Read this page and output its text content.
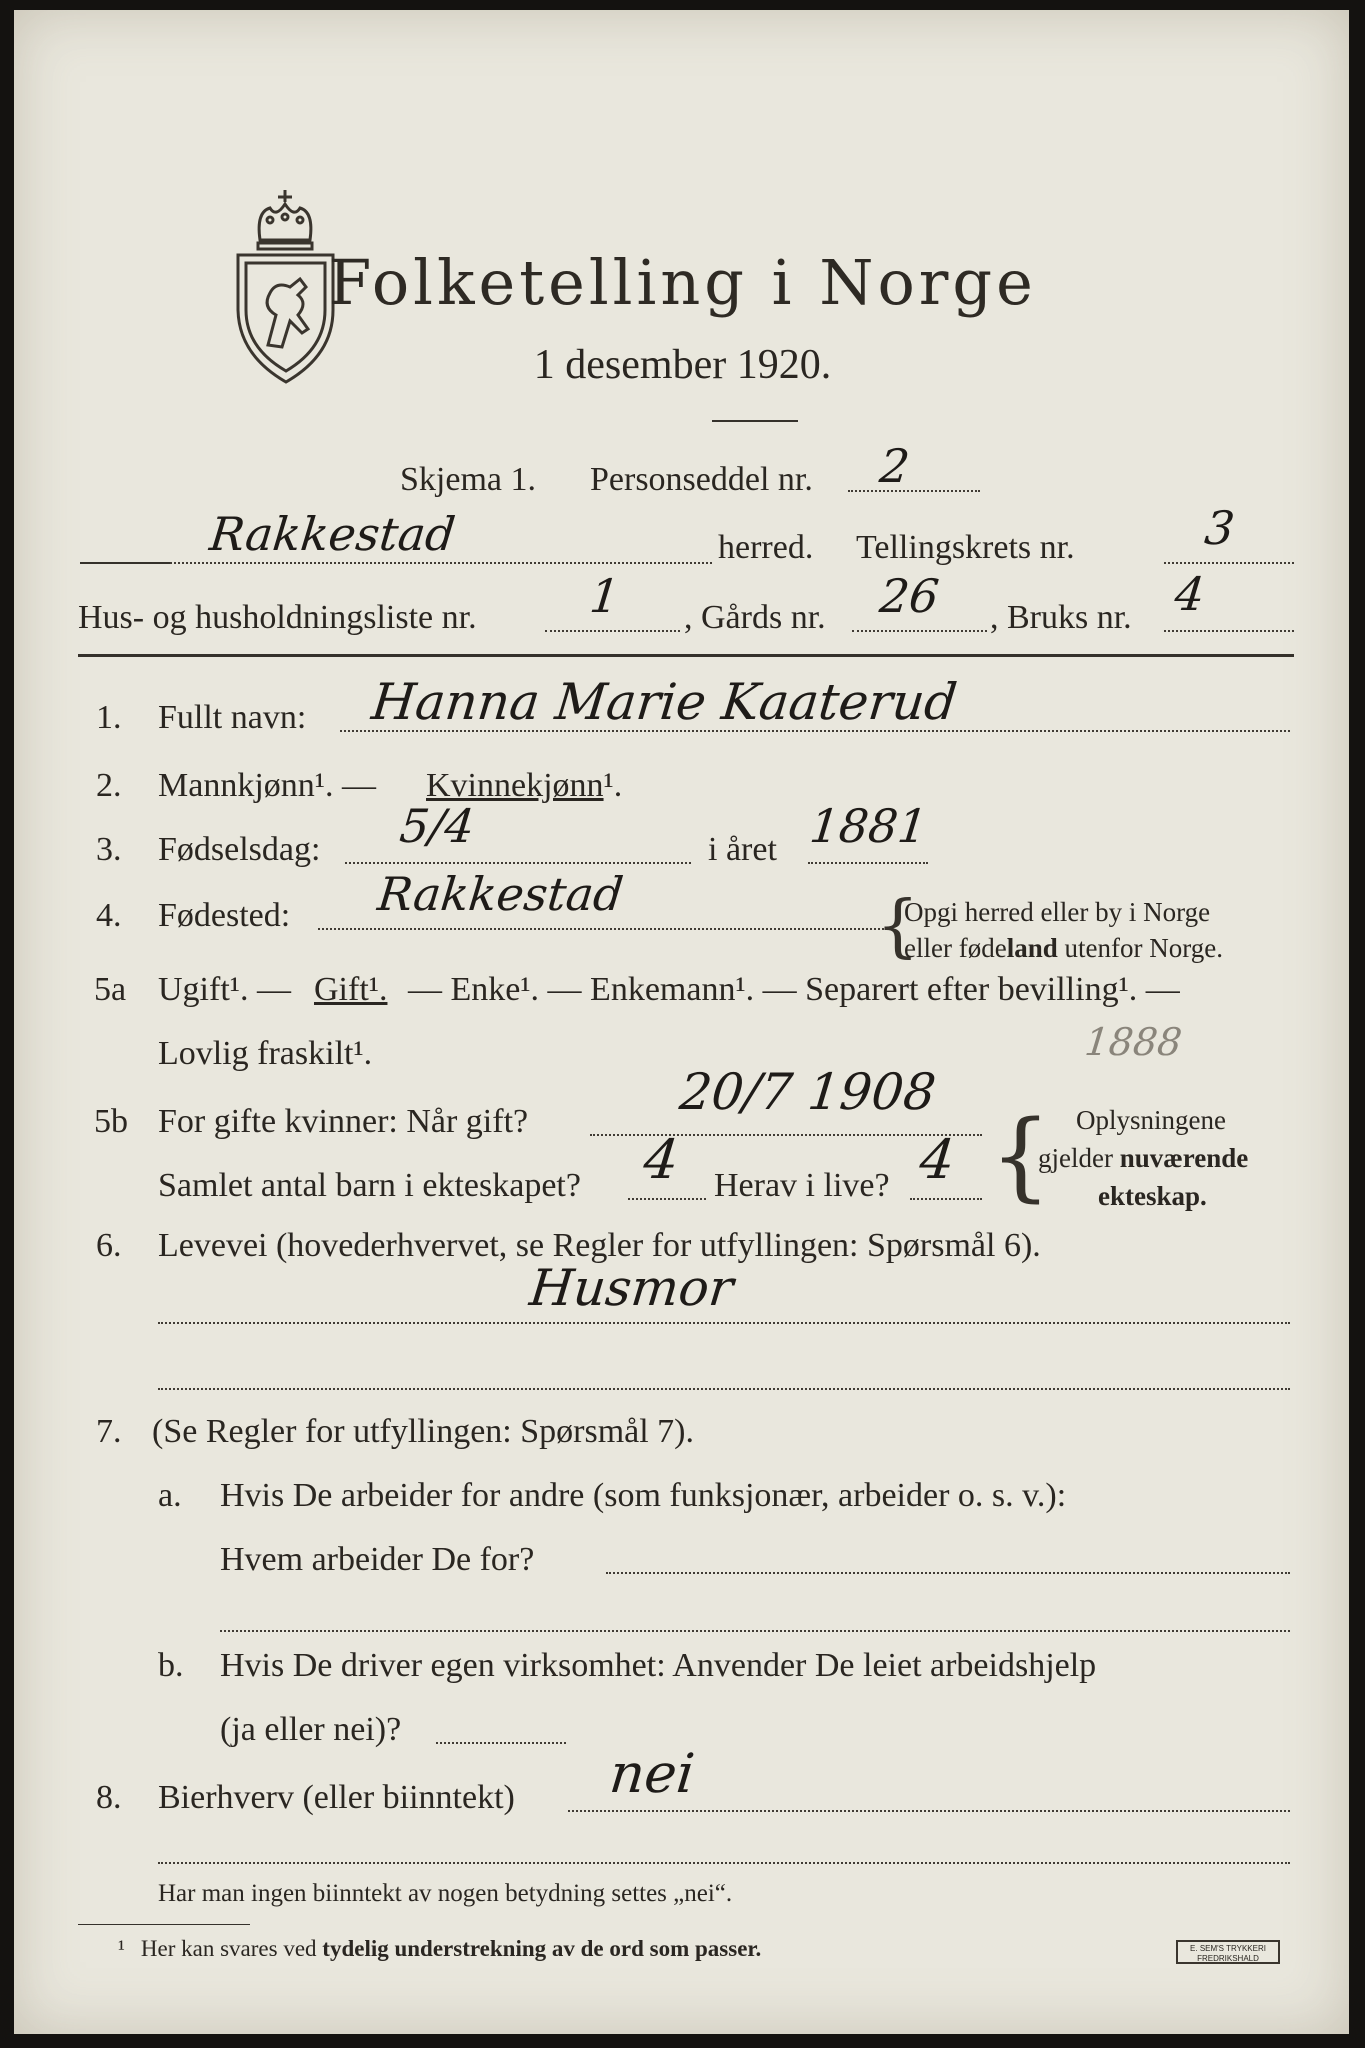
Folketelling i Norge
1 desember 1920.
Skjema 1. Personseddel nr. 2
Rakkestad	herred. Tellingskrets nr.	3
Hus- og husholdningsliste nr. 1 , Gårds nr. 26 , Bruks nr. 4
1. Fullt navn: Hanna Marie Kaaterud
2. Mannkjønn¹. — Kvinnekjønn¹.
3. Fødselsdag: 5/4	i året 1881
4. Fødested: Rakkestad	{
Opgi herred eller by i Norge
eller fødeland utenfor Norge.
5a Ugift¹. — Gift¹. — Enke¹. — Enkemann¹. — Separert efter bevilling¹. —
Lovlig fraskilt¹.	1888
5b For gifte kvinner: Når gift?
20/7 1908
Samlet antal barn i ekteskapet? 4 Herav i live? 4 { Oplysningene
gjelder nuværende
ekteskap.
6. Levevei (hovederhvervet, se Regler for utfyllingen: Spørsmål 6).
Husmor
7. (Se Regler for utfyllingen: Spørsmål 7).
a. Hvis De arbeider for andre (som funksjonær, arbeider o. s. v.):
Hvem arbeider De for?
b. Hvis De driver egen virksomhet: Anvender De leiet arbeidshjelp
(ja eller nei)?
8. Bierhverv (eller biinntekt) nei
Har man ingen biinntekt av nogen betydning settes „nei“.
¹ Her kan svares ved tydelig understrekning av de ord som passer.	E. SEM'S TRYKKERI FREDRIKSHALD
